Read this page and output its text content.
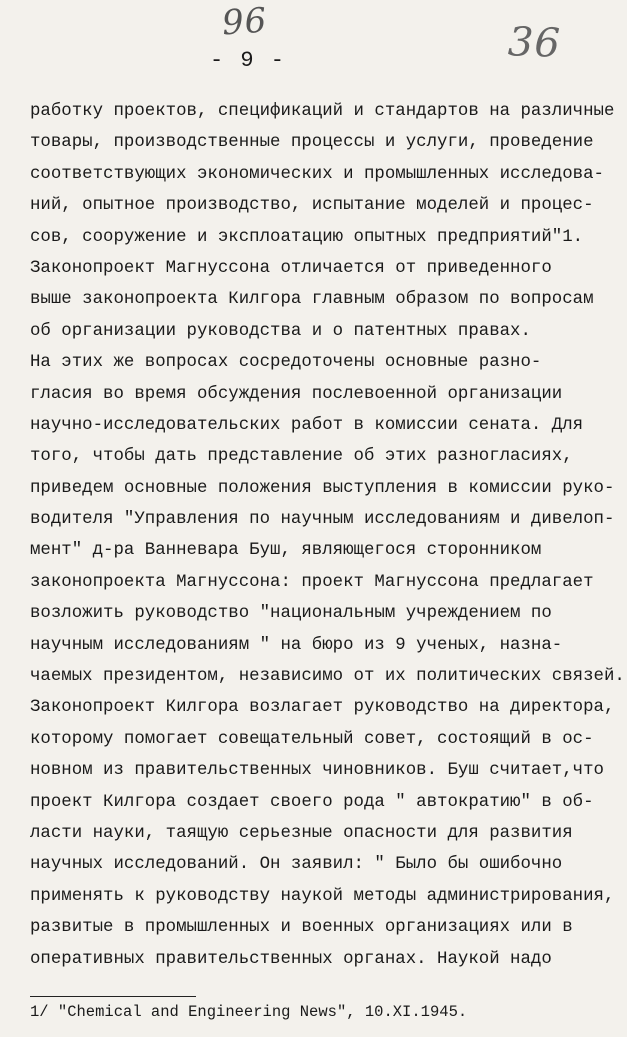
96	36
- 9 -
работку проектов, спецификаций и стандартов на различные
товары, производственные процессы и услуги, проведение
соответствующих экономических и промышленных исследова-
ний, опытное производство, испытание моделей и процес-
сов, сооружение и эксплоатацию опытных предприятий"1.
Законопроект Магнуссона отличается от приведенного
выше законопроекта Килгора главным образом по вопросам
об организации руководства и о патентных правах.
На этих же вопросах сосредоточены основные разно-
гласия во время обсуждения послевоенной организации
научно-исследовательских работ в комиссии сената. Для
того, чтобы дать представление об этих разногласиях,
приведем основные положения выступления в комиссии руко-
водителя "Управления по научным исследованиям и дивелоп-
мент" д-ра Ванневара Буш, являющегося сторонником
законопроекта Магнуссона: проект Магнуссона предлагает
возложить руководство "национальным учреждением по
научным исследованиям " на бюро из 9 ученых, назна-
чаемых президентом, независимо от их политических связей.
Законопроект Килгора возлагает руководство на директора,
которому помогает совещательный совет, состоящий в ос-
новном из правительственных чиновников. Буш считает,что
проект Килгора создает своего рода " автократию" в об-
ласти науки, таящую серьезные опасности для развития
научных исследований. Он заявил: " Было бы ошибочно
применять к руководству наукой методы администрирования,
развитые в промышленных и военных организациях или в
оперативных правительственных органах. Наукой надо
1/ "Chemical and Engineering News", 10.XI.1945.
